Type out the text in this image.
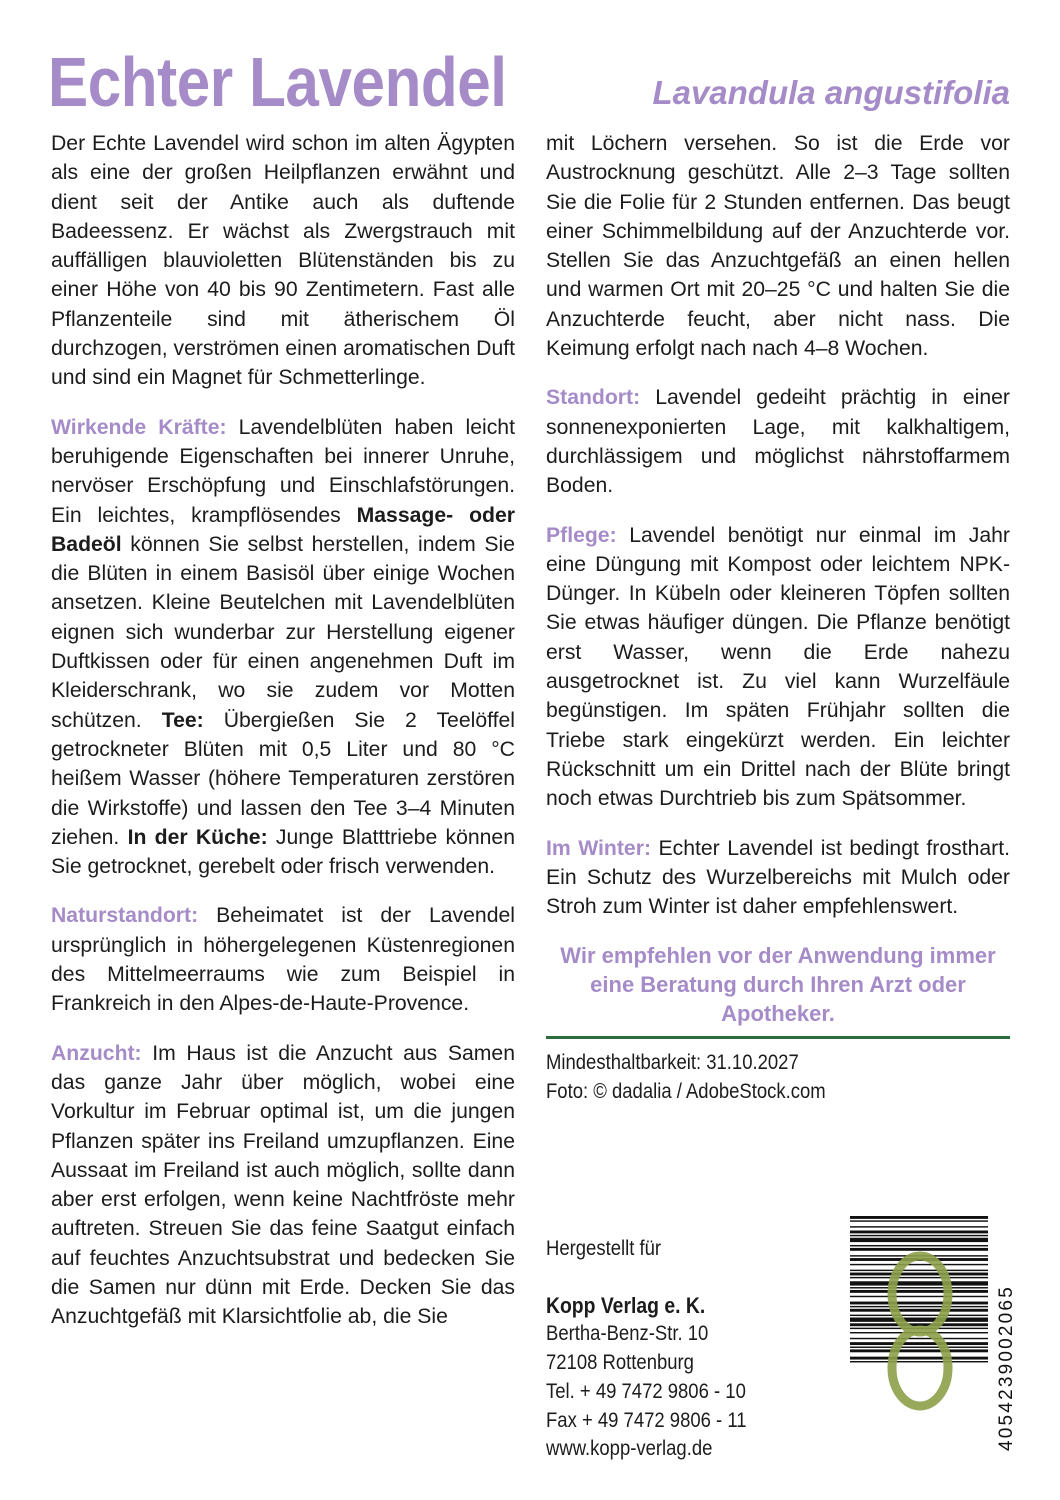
Echter Lavendel	Lavandula angustifolia

Der Echte Lavendel wird schon im alten Ägypten als eine der großen Heilpflanzen erwähnt und dient seit der Antike auch als duftende Badeessenz. Er wächst als Zwergstrauch mit auffälligen blauvioletten Blütenständen bis zu einer Höhe von 40 bis 90 Zentimetern. Fast alle Pflanzenteile sind mit ätherischem Öl durchzogen, verströmen einen aromatischen Duft und sind ein Magnet für Schmetterlinge.

Wirkende Kräfte: Lavendelblüten haben leicht beruhigende Eigenschaften bei innerer Unruhe, nervöser Erschöpfung und Einschlafstörungen. Ein leichtes, krampflösendes Massage- oder Badeöl können Sie selbst herstellen, indem Sie die Blüten in einem Basisöl über einige Wochen ansetzen. Kleine Beutelchen mit Lavendelblüten eignen sich wunderbar zur Herstellung eigener Duftkissen oder für einen angenehmen Duft im Kleiderschrank, wo sie zudem vor Motten schützen. Tee: Übergießen Sie 2 Teelöffel getrockneter Blüten mit 0,5 Liter und 80 °C heißem Wasser (höhere Temperaturen zerstören die Wirkstoffe) und lassen den Tee 3–4 Minuten ziehen. In der Küche: Junge Blatttriebe können Sie getrocknet, gerebelt oder frisch verwenden.

Naturstandort: Beheimatet ist der Lavendel ursprünglich in höhergelegenen Küstenregionen des Mittelmeerraums wie zum Beispiel in Frankreich in den Alpes-de-Haute-Provence.

Anzucht: Im Haus ist die Anzucht aus Samen das ganze Jahr über möglich, wobei eine Vorkultur im Februar optimal ist, um die jungen Pflanzen später ins Freiland umzupflanzen. Eine Aussaat im Freiland ist auch möglich, sollte dann aber erst erfolgen, wenn keine Nachtfröste mehr auftreten. Streuen Sie das feine Saatgut einfach auf feuchtes Anzuchtsubstrat und bedecken Sie die Samen nur dünn mit Erde. Decken Sie das Anzuchtgefäß mit Klarsichtfolie ab, die Sie

mit Löchern versehen. So ist die Erde vor Austrocknung geschützt. Alle 2–3 Tage sollten Sie die Folie für 2 Stunden entfernen. Das beugt einer Schimmelbildung auf der Anzuchterde vor. Stellen Sie das Anzuchtgefäß an einen hellen und warmen Ort mit 20–25 °C und halten Sie die Anzuchterde feucht, aber nicht nass. Die Keimung erfolgt nach nach 4–8 Wochen.

Standort: Lavendel gedeiht prächtig in einer sonnenexponierten Lage, mit kalkhaltigem, durchlässigem und möglichst nährstoffarmem Boden.

Pflege: Lavendel benötigt nur einmal im Jahr eine Düngung mit Kompost oder leichtem NPK-Dünger. In Kübeln oder kleineren Töpfen sollten Sie etwas häufiger düngen. Die Pflanze benötigt erst Wasser, wenn die Erde nahezu ausgetrocknet ist. Zu viel kann Wurzelfäule begünstigen. Im späten Frühjahr sollten die Triebe stark eingekürzt werden. Ein leichter Rückschnitt um ein Drittel nach der Blüte bringt noch etwas Durchtrieb bis zum Spätsommer.

Im Winter: Echter Lavendel ist bedingt frosthart. Ein Schutz des Wurzelbereichs mit Mulch oder Stroh zum Winter ist daher empfehlenswert.

Wir empfehlen vor der Anwendung immer eine Beratung durch Ihren Arzt oder Apotheker.
Mindesthaltbarkeit: 31.10.2027
Foto: © dadalia / AdobeStock.com
Hergestellt für
Kopp Verlag e. K.
Bertha-Benz-Str. 10
72108 Rottenburg
Tel. + 49 7472 9806 - 10
Fax + 49 7472 9806 - 11
www.kopp-verlag.de	4054239002065
